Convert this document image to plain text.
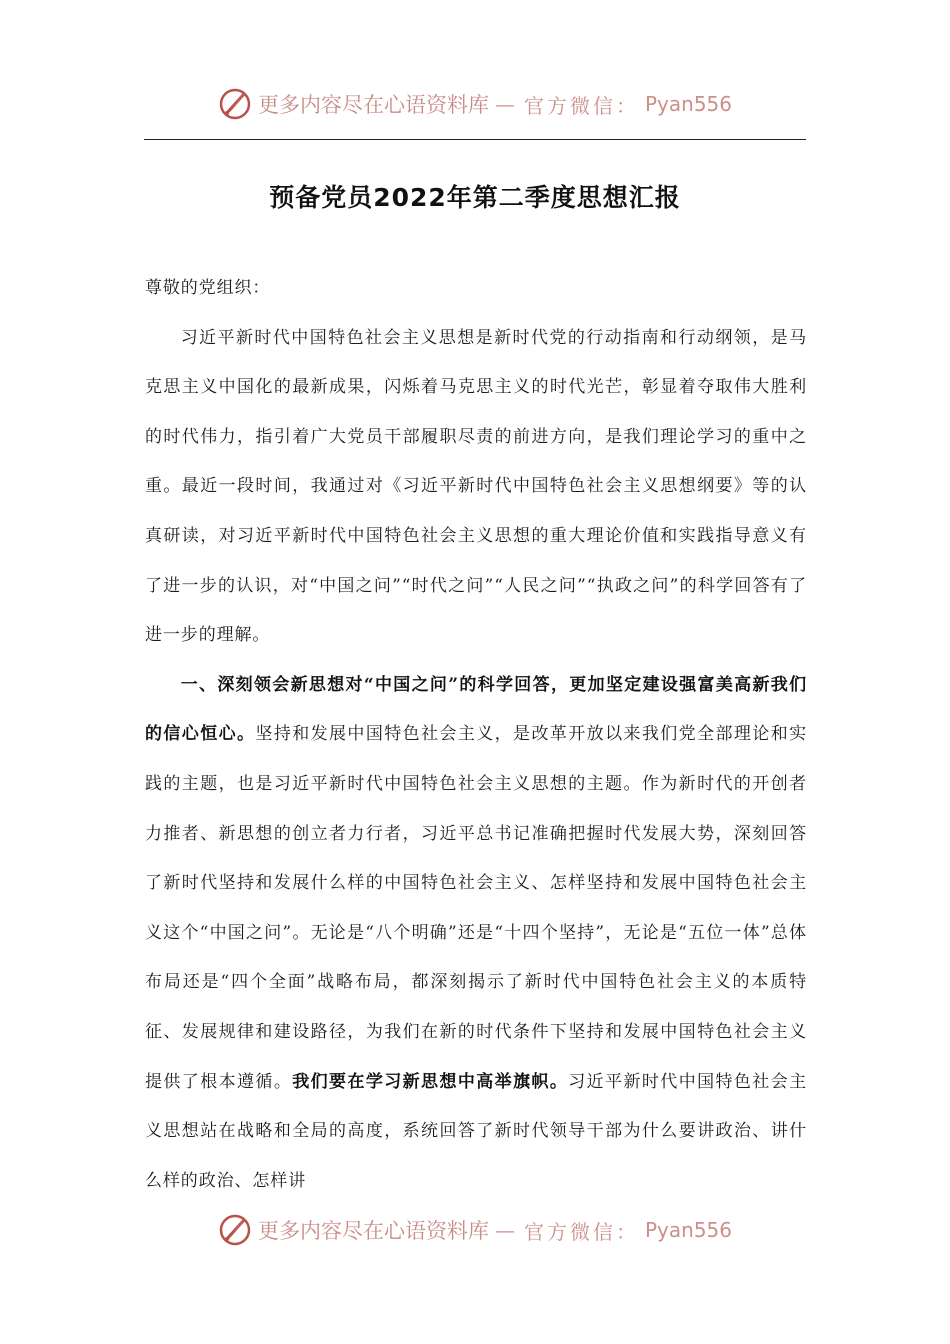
更多内容尽在心语资料库 — 官方微信： Pyan556
预备党员2022年第二季度思想汇报

尊敬的党组织：

习近平新时代中国特色社会主义思想是新时代党的行动指南和行动纲领，是马克思主义中国化的最新成果，闪烁着马克思主义的时代光芒，彰显着夺取伟大胜利的时代伟力，指引着广大党员干部履职尽责的前进方向，是我们理论学习的重中之重。最近一段时间，我通过对《习近平新时代中国特色社会主义思想纲要》等的认真研读，对习近平新时代中国特色社会主义思想的重大理论价值和实践指导意义有了进一步的认识，对“中国之问”“时代之问”“人民之问”“执政之问”的科学回答有了进一步的理解。

一、深刻领会新思想对“中国之问”的科学回答，更加坚定建设强富美高新我们的信心恒心。坚持和发展中国特色社会主义，是改革开放以来我们党全部理论和实践的主题，也是习近平新时代中国特色社会主义思想的主题。作为新时代的开创者力推者、新思想的创立者力行者，习近平总书记准确把握时代发展大势，深刻回答了新时代坚持和发展什么样的中国特色社会主义、怎样坚持和发展中国特色社会主义这个“中国之问”。无论是“八个明确”还是“十四个坚持”，无论是“五位一体”总体布局还是“四个全面”战略布局，都深刻揭示了新时代中国特色社会主义的本质特征、发展规律和建设路径，为我们在新的时代条件下坚持和发展中国特色社会主义提供了根本遵循。我们要在学习新思想中高举旗帜。习近平新时代中国特色社会主义思想站在战略和全局的高度，系统回答了新时代领导干部为什么要讲政治、讲什么样的政治、怎样讲

更多内容尽在心语资料库 — 官方微信： Pyan556
